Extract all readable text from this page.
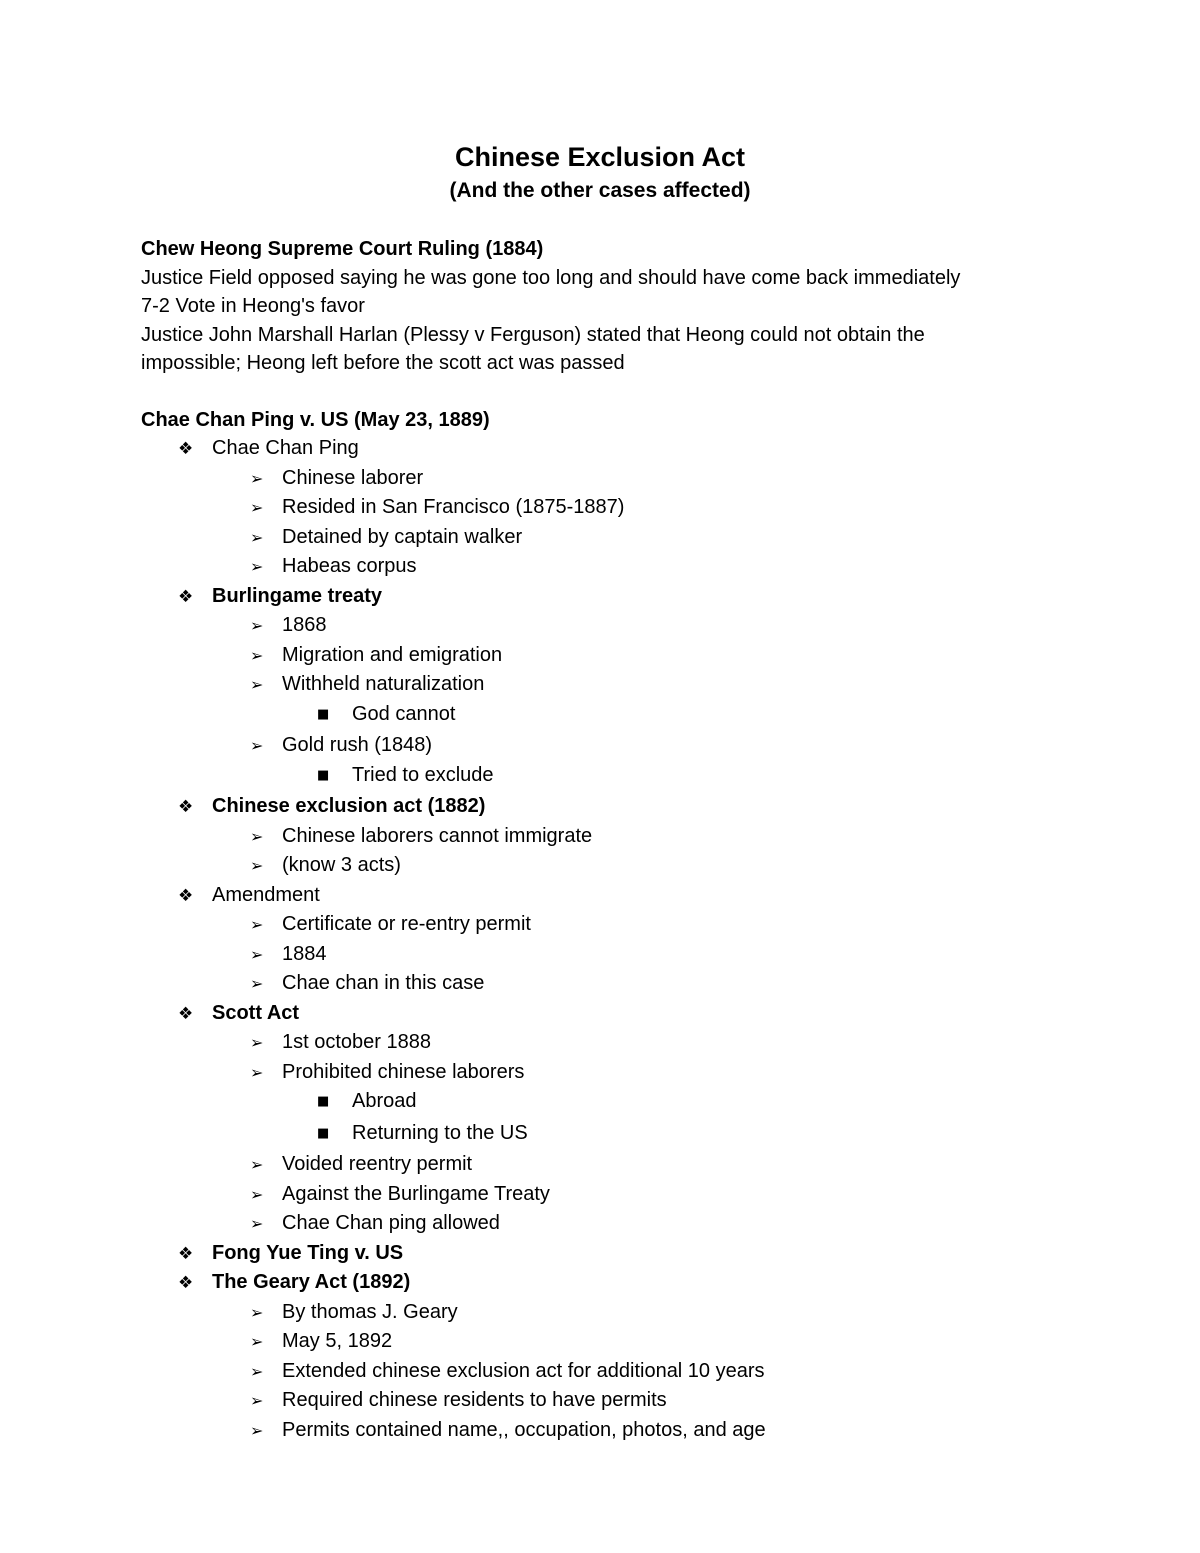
Chinese Exclusion Act
(And the other cases affected)
Chew Heong Supreme Court Ruling (1884)
Justice Field opposed saying he was gone too long and should have come back immediately
7-2 Vote in Heong's favor
Justice John Marshall Harlan (Plessy v Ferguson) stated that Heong could not obtain the
impossible; Heong left before the scott act was passed
Chae Chan Ping v. US (May 23, 1889)
❖ Chae Chan Ping
➢ Chinese laborer
➢ Resided in San Francisco (1875-1887)
➢ Detained by captain walker
➢ Habeas corpus
❖ Burlingame treaty
➢ 1868
➢ Migration and emigration
➢ Withheld naturalization
■ God cannot
➢ Gold rush (1848)
■ Tried to exclude
❖ Chinese exclusion act (1882)
➢ Chinese laborers cannot immigrate
➢ (know 3 acts)
❖ Amendment
➢ Certificate or re-entry permit
➢ 1884
➢ Chae chan in this case
❖ Scott Act
➢ 1st october 1888
➢ Prohibited chinese laborers
■ Abroad
■ Returning to the US
➢ Voided reentry permit
➢ Against the Burlingame Treaty
➢ Chae Chan ping allowed
❖ Fong Yue Ting v. US
❖ The Geary Act (1892)
➢ By thomas J. Geary
➢ May 5, 1892
➢ Extended chinese exclusion act for additional 10 years
➢ Required chinese residents to have permits
➢ Permits contained name,, occupation, photos, and age
